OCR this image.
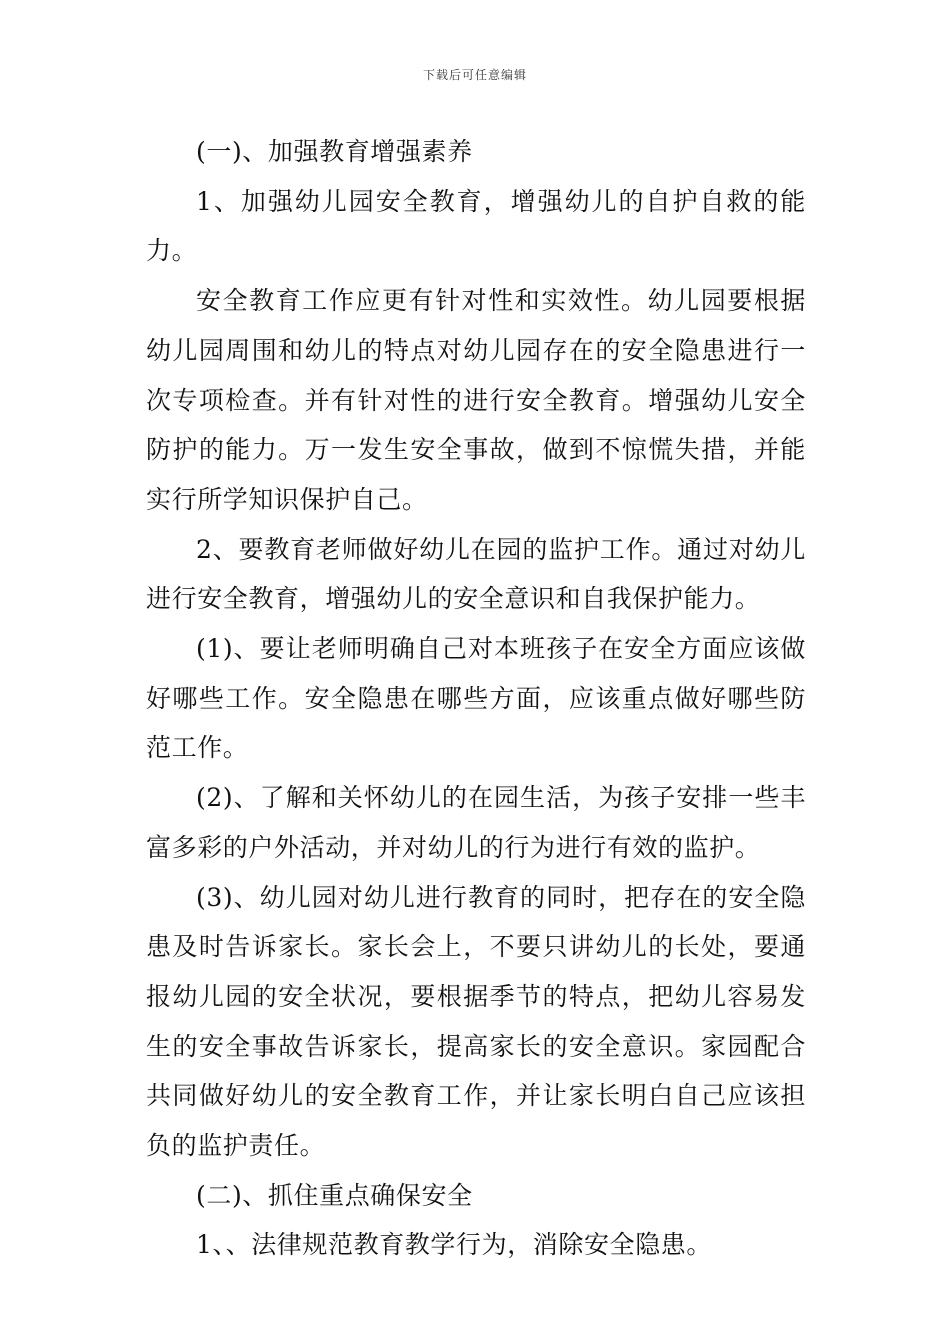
下载后可任意编辑

(一)、加强教育增强素养

1、加强幼儿园安全教育，增强幼儿的自护自救的能力。

安全教育工作应更有针对性和实效性。幼儿园要根据幼儿园周围和幼儿的特点对幼儿园存在的安全隐患进行一次专项检查。并有针对性的进行安全教育。增强幼儿安全防护的能力。万一发生安全事故，做到不惊慌失措，并能实行所学知识保护自己。

2、要教育老师做好幼儿在园的监护工作。通过对幼儿进行安全教育，增强幼儿的安全意识和自我保护能力。

(1)、要让老师明确自己对本班孩子在安全方面应该做好哪些工作。安全隐患在哪些方面，应该重点做好哪些防范工作。

(2)、了解和关怀幼儿的在园生活，为孩子安排一些丰富多彩的户外活动，并对幼儿的行为进行有效的监护。

(3)、幼儿园对幼儿进行教育的同时，把存在的安全隐患及时告诉家长。家长会上，不要只讲幼儿的长处，要通报幼儿园的安全状况，要根据季节的特点，把幼儿容易发生的安全事故告诉家长，提高家长的安全意识。家园配合共同做好幼儿的安全教育工作，并让家长明白自己应该担负的监护责任。

(二)、抓住重点确保安全

1、、法律规范教育教学行为，消除安全隐患。
